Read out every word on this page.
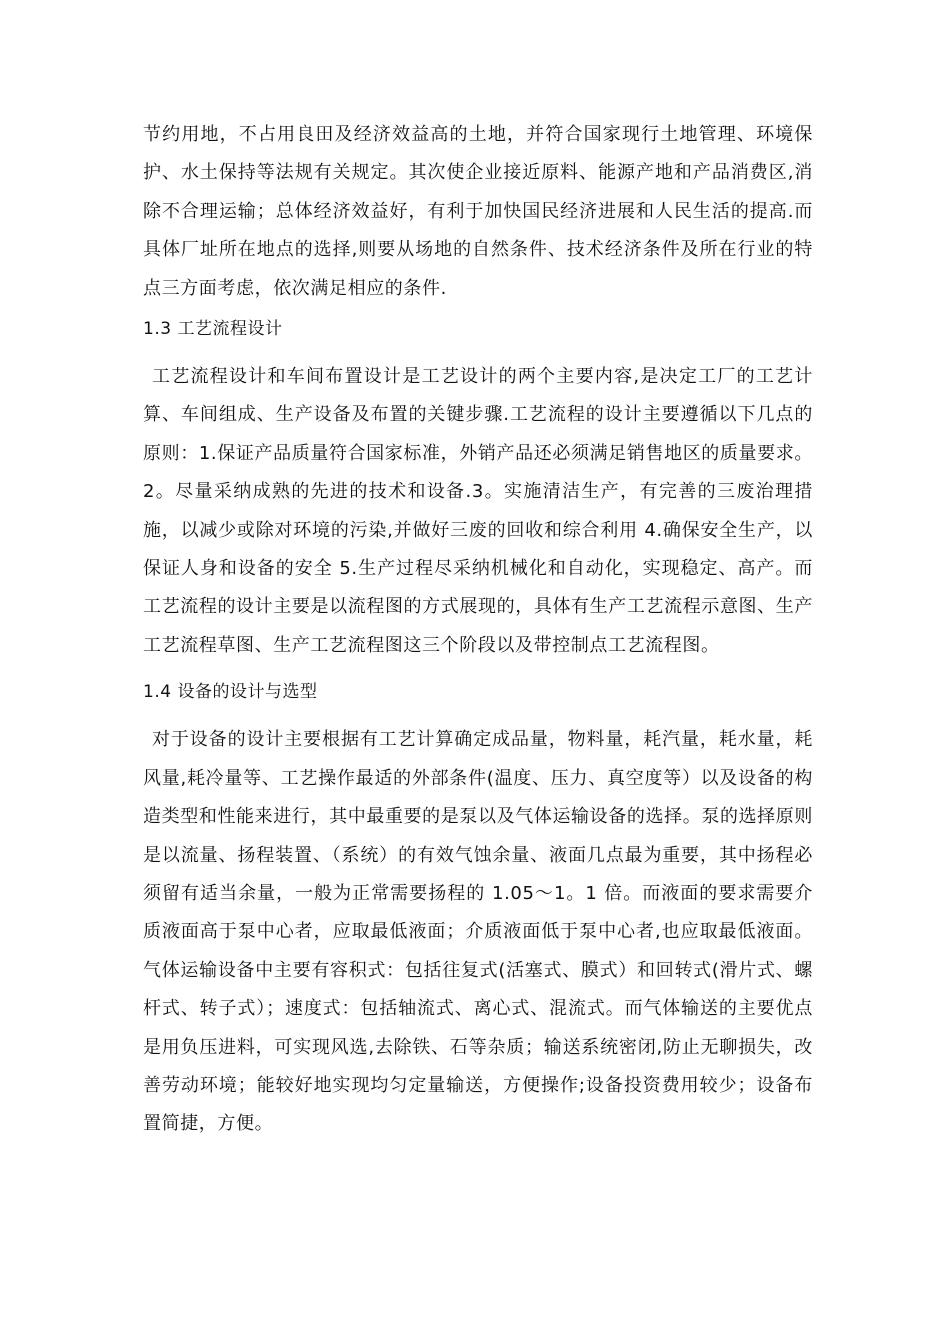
节约用地，不占用良田及经济效益高的土地，并符合国家现行土地管理、环境保护、水土保持等法规有关规定。其次使企业接近原料、能源产地和产品消费区,消除不合理运输；总体经济效益好，有利于加快国民经济进展和人民生活的提高.而具体厂址所在地点的选择,则要从场地的自然条件、技术经济条件及所在行业的特点三方面考虑，依次满足相应的条件.

1.3 工艺流程设计

工艺流程设计和车间布置设计是工艺设计的两个主要内容,是决定工厂的工艺计算、车间组成、生产设备及布置的关键步骤.工艺流程的设计主要遵循以下几点的原则：1.保证产品质量符合国家标准，外销产品还必须满足销售地区的质量要求。2。尽量采纳成熟的先进的技术和设备.3。实施清洁生产，有完善的三废治理措施，以减少或除对环境的污染,并做好三废的回收和综合利用 4.确保安全生产，以保证人身和设备的安全 5.生产过程尽采纳机械化和自动化，实现稳定、高产。而工艺流程的设计主要是以流程图的方式展现的，具体有生产工艺流程示意图、生产工艺流程草图、生产工艺流程图这三个阶段以及带控制点工艺流程图。

1.4 设备的设计与选型

对于设备的设计主要根据有工艺计算确定成品量，物料量，耗汽量，耗水量，耗风量,耗冷量等、工艺操作最适的外部条件(温度、压力、真空度等）以及设备的构造类型和性能来进行，其中最重要的是泵以及气体运输设备的选择。泵的选择原则是以流量、扬程装置、（系统）的有效气蚀余量、液面几点最为重要，其中扬程必须留有适当余量，一般为正常需要扬程的 1.05～1。1 倍。而液面的要求需要介质液面高于泵中心者，应取最低液面；介质液面低于泵中心者,也应取最低液面。气体运输设备中主要有容积式：包括往复式(活塞式、膜式）和回转式(滑片式、螺杆式、转子式）；速度式：包括轴流式、离心式、混流式。而气体输送的主要优点是用负压进料，可实现风选,去除铁、石等杂质；输送系统密闭,防止无聊损失，改善劳动环境；能较好地实现均匀定量输送，方便操作;设备投资费用较少；设备布置简捷，方便。
